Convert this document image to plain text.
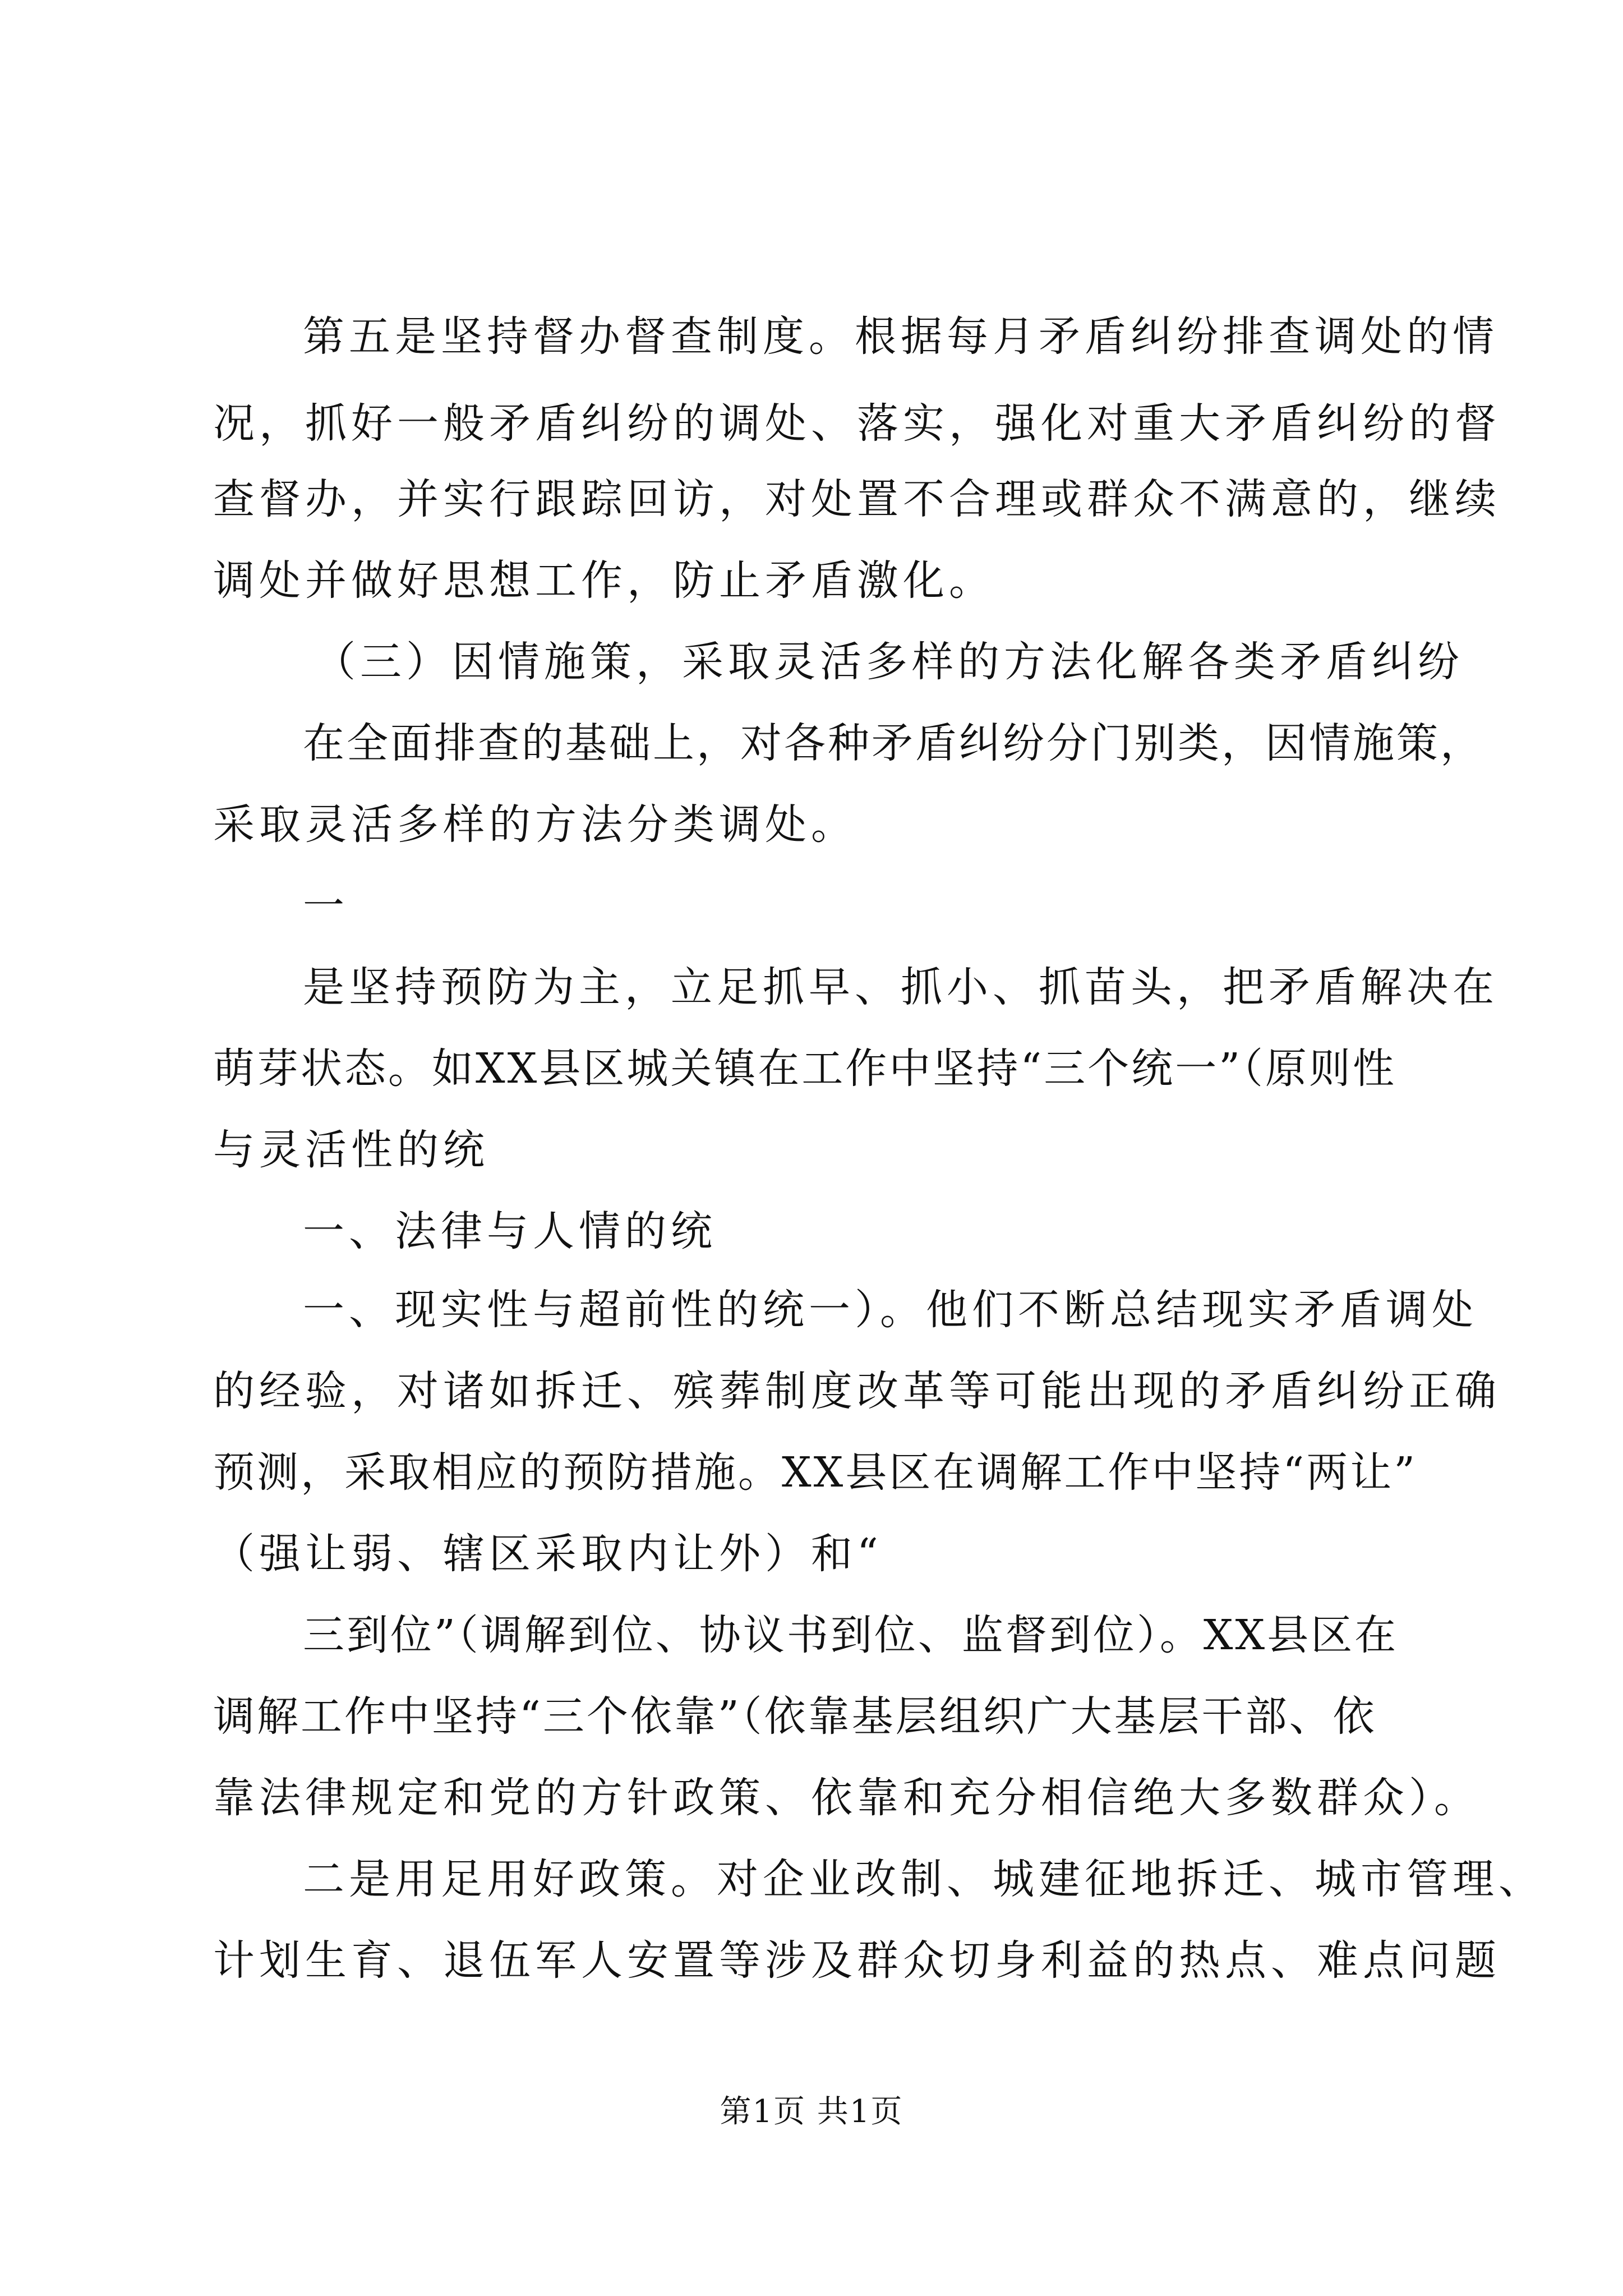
第五是坚持督办督查制度。根据每月矛盾纠纷排查调处的情
况，抓好一般矛盾纠纷的调处、落实，强化对重大矛盾纠纷的督
查督办，并实行跟踪回访，对处置不合理或群众不满意的，继续
调处并做好思想工作，防止矛盾激化。
（三）因情施策，采取灵活多样的方法化解各类矛盾纠纷
在全面排查的基础上，对各种矛盾纠纷分门别类，因情施策，
采取灵活多样的方法分类调处。
一
是坚持预防为主，立足抓早、抓小、抓苗头，把矛盾解决在
萌芽状态。如XX县区城关镇在工作中坚持“三个统一”（原则性
与灵活性的统
一、法律与人情的统
一、现实性与超前性的统一）。他们不断总结现实矛盾调处
的经验，对诸如拆迁、殡葬制度改革等可能出现的矛盾纠纷正确
预测，采取相应的预防措施。XX县区在调解工作中坚持“两让”
（强让弱、辖区采取内让外）和“
三到位”（调解到位、协议书到位、监督到位）。XX县区在
调解工作中坚持“三个依靠”（依靠基层组织广大基层干部、依
靠法律规定和党的方针政策、依靠和充分相信绝大多数群众）。
二是用足用好政策。对企业改制、城建征地拆迁、城市管理、
计划生育、退伍军人安置等涉及群众切身利益的热点、难点问题
第1页 共1页
